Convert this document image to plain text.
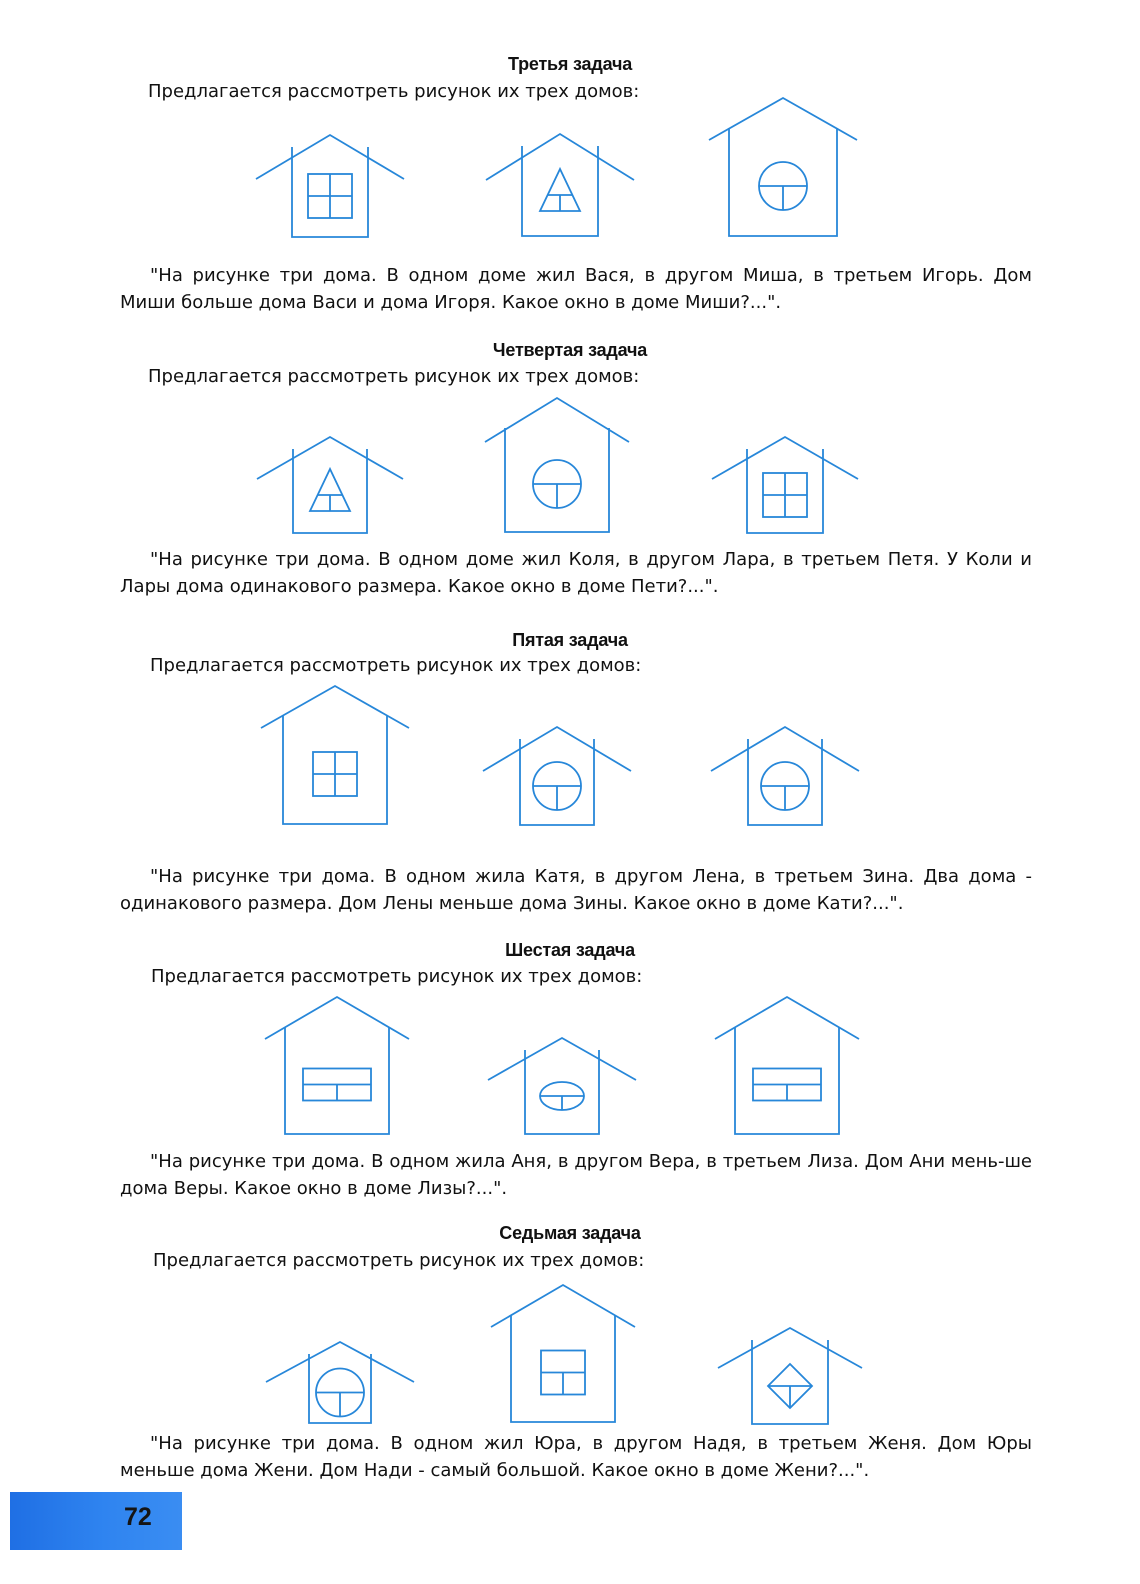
Третья задача
Предлагается рассмотреть рисунок их трех домов:

"На рисунке три дома. В одном доме жил Вася, в другом Миша, в третьем Игорь. Дом Миши больше дома Васи и дома Игоря. Какое окно в доме Миши?...".

Четвертая задача
Предлагается рассмотреть рисунок их трех домов:

"На рисунке три дома. В одном доме жил Коля, в другом Лара, в третьем Петя. У Коли и Лары дома одинакового размера. Какое окно в доме Пети?...".

Пятая задача
Предлагается рассмотреть рисунок их трех домов:

"На рисунке три дома. В одном жила Катя, в другом Лена, в третьем Зина. Два дома - одинакового размера. Дом Лены меньше дома Зины. Какое окно в доме Кати?...".

Шестая задача
Предлагается рассмотреть рисунок их трех домов:

"На рисунке три дома. В одном жила Аня, в другом Вера, в третьем Лиза. Дом Ани мень-ше дома Веры. Какое окно в доме Лизы?...".

Седьмая задача
Предлагается рассмотреть рисунок их трех домов:

"На рисунке три дома. В одном жил Юра, в другом Надя, в третьем Женя. Дом Юры меньше дома Жени. Дом Нади - самый большой. Какое окно в доме Жени?...".

72
